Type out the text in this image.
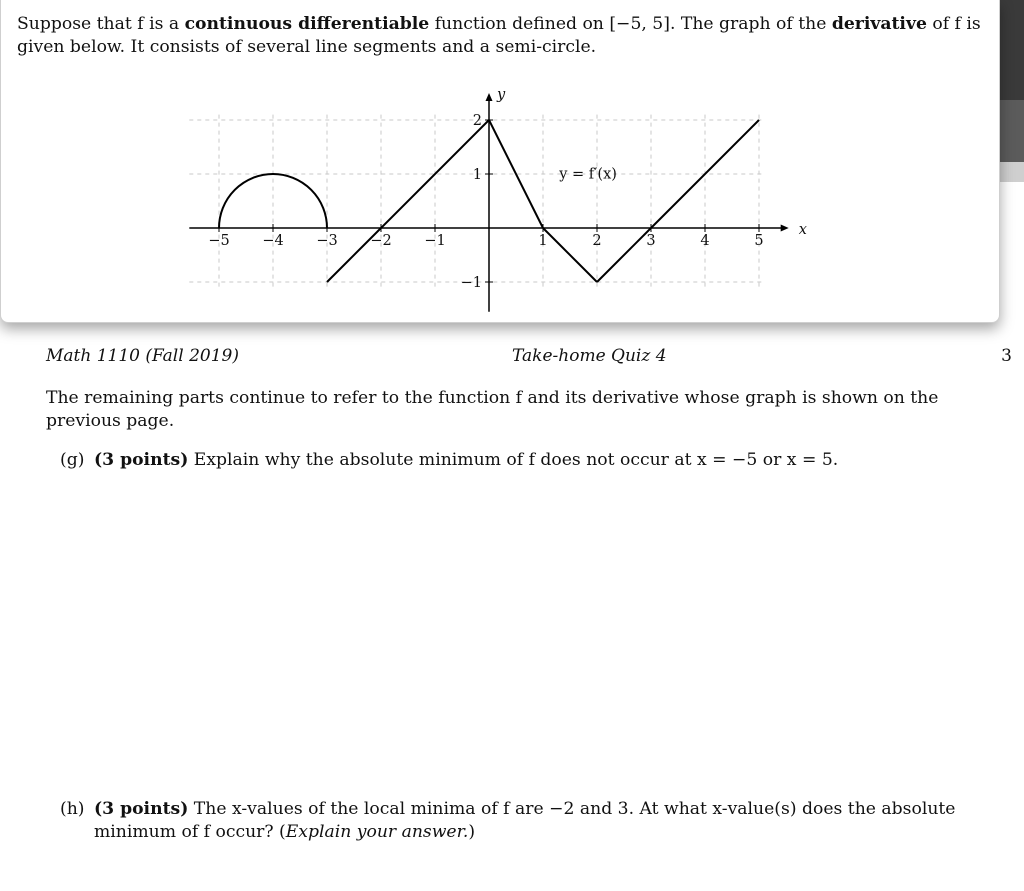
Suppose that f is a continuous differentiable function defined on [−5, 5]. The graph of the derivative of f is given below. It consists of several line segments and a semi-circle.
−5 −4 −3 −2 −1	1	2	3	4	5
2
1
−1
x
y
y = f′(x)
Math 1110 (Fall 2019)	Take-home Quiz 4	3
The remaining parts continue to refer to the function f and its derivative whose graph is shown on the previous page.
(g) (3 points) Explain why the absolute minimum of f does not occur at x = −5 or x = 5.
(h) (3 points) The x-values of the local minima of f are −2 and 3. At what x-value(s) does the absolute minimum of f occur? (Explain your answer.)
